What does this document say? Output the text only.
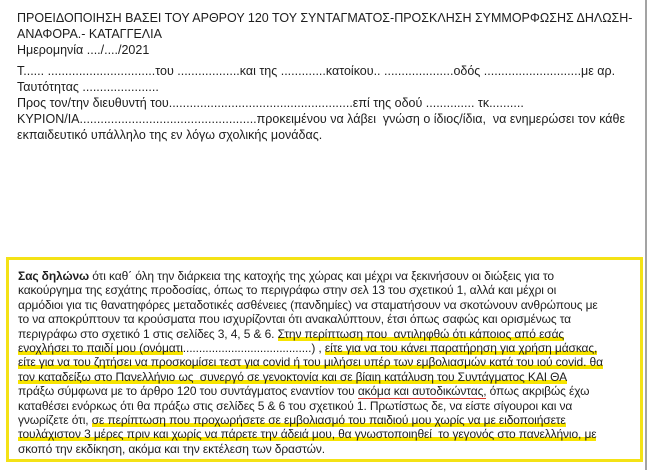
ΠΡΟΕΙΔΟΠΟΙΗΣΗ ΒΑΣΕΙ ΤΟΥ ΑΡΘΡΟΥ 120 ΤΟΥ ΣΥΝΤΑΓΜΑΤΟΣ-ΠΡΟΣΚΛΗΣΗ ΣΥΜΜΟΡΦΩΣΗΣ ΔΗΛΩΣΗ-
ΑΝΑΦΟΡΑ.- ΚΑΤΑΓΓΕΛΙΑ
Ημερομηνία ..../..../2021
Τ...... ...............................του ..................και της .............κατοίκου.. ....................οδός ............................με αρ.
Ταυτότητας ......................
Προς τον/την διευθυντή του.....................................................επί της οδού .............. τκ..........
ΚΥΡΙΟΝ/ΙΑ...................................................προκειμένου να λάβει  γνώση ο ίδιος/ίδια,  να ενημερώσει τον κάθε
εκπαιδευτικό υπάλληλο της εν λόγω σχολικής μονάδας.
Σας δηλώνω ότι καθ΄ όλη την διάρκεια της κατοχής της χώρας και μέχρι να ξεκινήσουν οι διώξεις για το
κακούργημα της εσχάτης προδοσίας, όπως το περιγράφω στην σελ 13 του σχετικού 1, αλλά και μέχρι οι
αρμόδιοι για τις θανατηφόρες μεταδοτικές ασθένειες (πανδημίες) να σταματήσουν να σκοτώνουν ανθρώπους με
το να αποκρύπτουν τα κρούσματα που ισχυρίζονται ότι ανακαλύπτουν, έτσι όπως σαφώς και ορισμένως τα
περιγράφω στο σχετικό 1 στις σελίδες 3, 4, 5 & 6. Στην περίπτωση που  αντιληφθώ ότι κάποιος από εσάς
ενοχλήσει το παιδί μου (ονόματι........................................) , είτε για να του κάνει παρατήρηση για χρήση μάσκας,
είτε για να του ζητήσει να προσκομίσει τεστ για covid ή του μιλήσει υπέρ των εμβολιασμών κατά του ιού covid. θα
τον καταδείξω στο Πανελλήνιο ως  συνεργό σε γενοκτονία και σε βίαιη κατάλυση του Συντάγματος ΚΑΙ ΘΑ
πράξω σύμφωνα με το άρθρο 120 του συντάγματος εναντίον του ακόμα και αυτοδικώντας, όπως ακριβώς έχω
καταθέσει ενόρκως ότι θα πράξω στις σελίδες 5 & 6 του σχετικού 1. Πρωτίστως δε, να είστε σίγουροι και να
γνωρίζετε ότι, σε περίπτωση που προχωρήσετε σε εμβολιασμό του παιδιού μου χωρίς να με ειδοποιήσετε
τουλάχιστον 3 μέρες πριν και χωρίς να πάρετε την άδειά μου, θα γνωστοποιηθεί  το γεγονός στο πανελλήνιο, με
σκοπό την εκδίκηση, ακόμα και την εκτέλεση των δραστών.
